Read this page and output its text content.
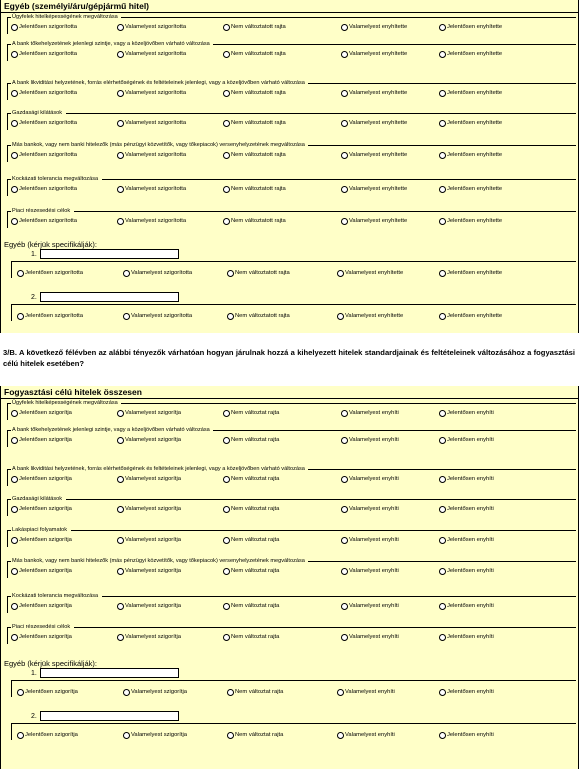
Egyéb (személyi/áru/gépjármű hitel)
Ügyfelek hitelképességének megváltozása
Jelentősen szigorította	Valamelyest szigorította	Nem változtatott rajta	Valamelyest enyhítette	Jelentősen enyhítette
A bank tőkehelyzetének jelenlegi szintje, vagy a közeljövőben várható változása
Jelentősen szigorította	Valamelyest szigorította	Nem változtatott rajta	Valamelyest enyhítette	Jelentősen enyhítette
A bank likviditási helyzetének, forrás elérhetőségének és feltételeinek jelenlegi, vagy a közeljövőben várható változása
Jelentősen szigorította	Valamelyest szigorította	Nem változtatott rajta	Valamelyest enyhítette	Jelentősen enyhítette
Gazdasági kilátások
Jelentősen szigorította	Valamelyest szigorította	Nem változtatott rajta	Valamelyest enyhítette	Jelentősen enyhítette
Más bankok, vagy nem banki hitelezők (más pénzügyi közvetítők, vagy tőkepiacok) versenyhelyzetének megváltozása
Jelentősen szigorította	Valamelyest szigorította	Nem változtatott rajta	Valamelyest enyhítette	Jelentősen enyhítette
Kockázati tolerancia megváltozása
Jelentősen szigorította	Valamelyest szigorította	Nem változtatott rajta	Valamelyest enyhítette	Jelentősen enyhítette
Piaci részesedési célok
Jelentősen szigorította	Valamelyest szigorította	Nem változtatott rajta	Valamelyest enyhítette	Jelentősen enyhítette
Egyéb (kérjük specifikálják):
1.
Jelentősen szigorította	Valamelyest szigorította	Nem változtatott rajta	Valamelyest enyhítette	Jelentősen enyhítette
2.
Jelentősen szigorította	Valamelyest szigorította	Nem változtatott rajta	Valamelyest enyhítette	Jelentősen enyhítette
3/B. A következő félévben az alábbi tényezők várhatóan hogyan járulnak hozzá a kihelyezett hitelek standardjainak és feltételeinek változásához a fogyasztási célú hitelek esetében?
Fogyasztási célú hitelek összesen
Ügyfelek hitelképességének megváltozása
Jelentősen szigorítja	Valamelyest szigorítja	Nem változtat rajta	Valamelyest enyhíti	Jelentősen enyhíti
A bank tőkehelyzetének jelenlegi szintje, vagy a közeljövőben várható változása
Jelentősen szigorítja	Valamelyest szigorítja	Nem változtat rajta	Valamelyest enyhíti	Jelentősen enyhíti
A bank likviditási helyzetének, forrás elérhetőségének és feltételeinek jelenlegi, vagy a közeljövőben várható változása
Jelentősen szigorítja	Valamelyest szigorítja	Nem változtat rajta	Valamelyest enyhíti	Jelentősen enyhíti
Gazdasági kilátások
Jelentősen szigorítja	Valamelyest szigorítja	Nem változtat rajta	Valamelyest enyhíti	Jelentősen enyhíti
Lakáspiaci folyamatok
Jelentősen szigorítja	Valamelyest szigorítja	Nem változtat rajta	Valamelyest enyhíti	Jelentősen enyhíti
Más bankok, vagy nem banki hitelezők (más pénzügyi közvetítők, vagy tőkepiacok) versenyhelyzetének megváltozása
Jelentősen szigorítja	Valamelyest szigorítja	Nem változtat rajta	Valamelyest enyhíti	Jelentősen enyhíti
Kockázati tolerancia megváltozása
Jelentősen szigorítja	Valamelyest szigorítja	Nem változtat rajta	Valamelyest enyhíti	Jelentősen enyhíti
Piaci részesedési célok
Jelentősen szigorítja	Valamelyest szigorítja	Nem változtat rajta	Valamelyest enyhíti	Jelentősen enyhíti
Egyéb (kérjük specifikálják):
1.
Jelentősen szigorítja	Valamelyest szigorítja	Nem változtat rajta	Valamelyest enyhíti	Jelentősen enyhíti
2.
Jelentősen szigorítja	Valamelyest szigorítja	Nem változtat rajta	Valamelyest enyhíti	Jelentősen enyhíti
